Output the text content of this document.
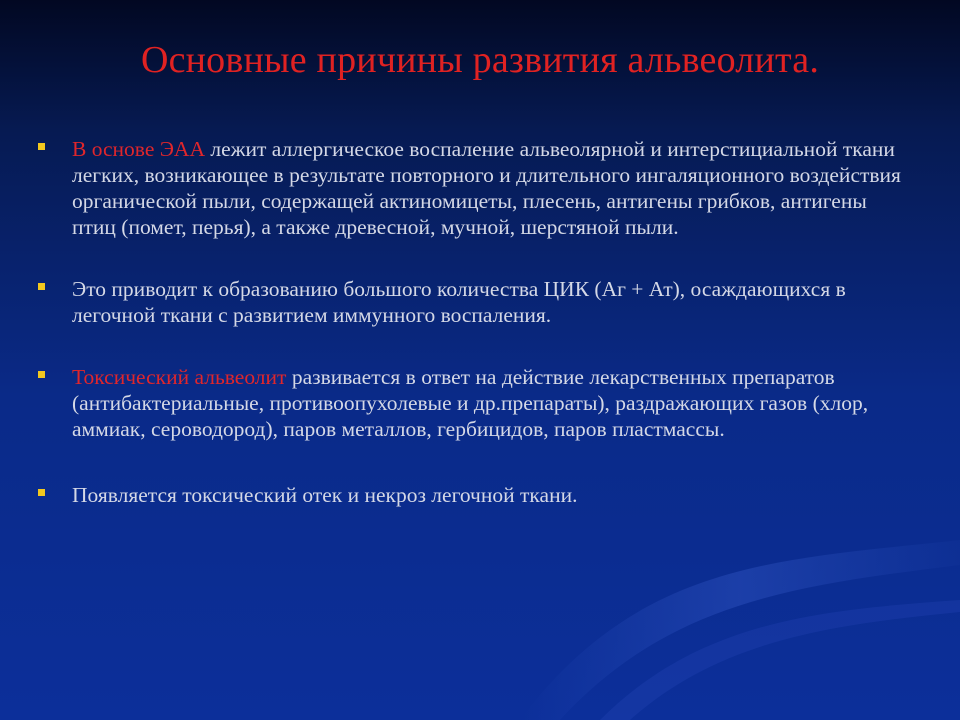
Основные причины развития альвеолита.
В основе ЭАА лежит аллергическое воспаление альвеолярной и интерстициальной ткани легких, возникающее в результате повторного и длительного ингаляционного воздействия органической пыли, содержащей актиномицеты, плесень, антигены грибков, антигены птиц (помет, перья), а также древесной, мучной, шерстяной пыли.
Это приводит к образованию большого количества ЦИК (Аг + Ат), осаждающихся в легочной ткани с развитием иммунного воспаления.
Токсический альвеолит развивается в ответ на действие лекарственных препаратов (антибактериальные, противоопухолевые и др.препараты), раздражающих газов (хлор, аммиак, сероводород), паров металлов, гербицидов, паров пластмассы.
Появляется токсический отек и некроз легочной ткани.
